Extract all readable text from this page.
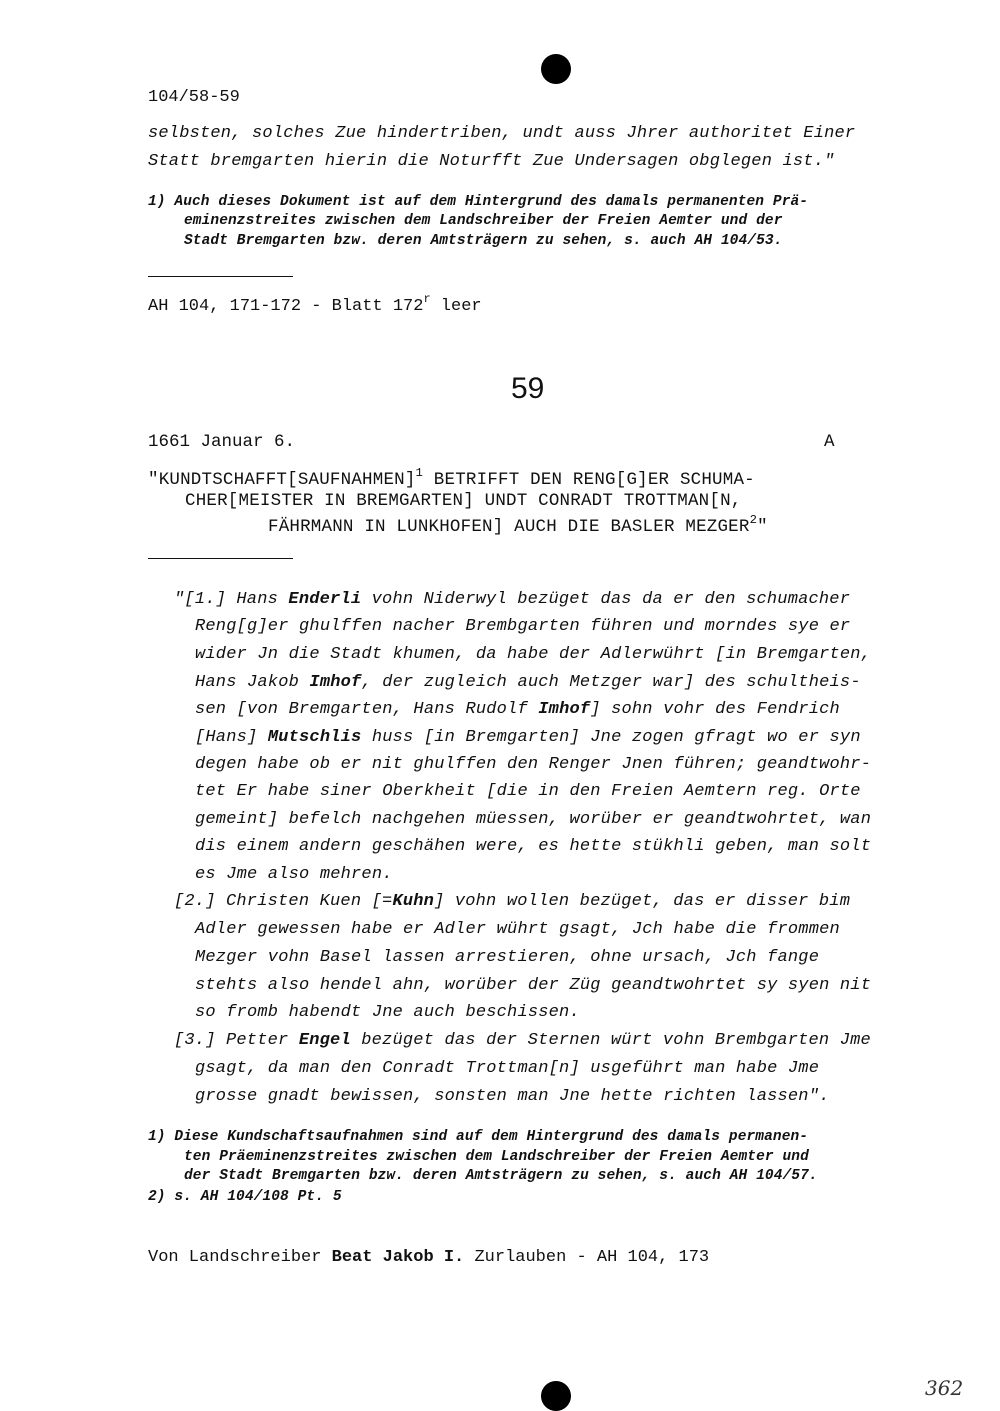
104/58-59
selbsten, solches Zue hindertriben, undt auss Jhrer authoritet Einer
Statt bremgarten hierin die Noturfft Zue Undersagen obglegen ist."
1) Auch dieses Dokument ist auf dem Hintergrund des damals permanenten Prä-
eminenzstreites zwischen dem Landschreiber der Freien Aemter und der
Stadt Bremgarten bzw. deren Amtsträgern zu sehen, s. auch AH 104/53.
AH 104, 171-172 - Blatt 172$^r$ leer
59
1661 Januar 6.	A
"KUNDTSCHAFFT[SAUFNAHMEN]$^1$ BETRIFFT DEN RENG[G]ER SCHUMA-
CHER[MEISTER IN BREMGARTEN] UNDT CONRADT TROTTMAN[N,
FÄHRMANN IN LUNKHOFEN] AUCH DIE BASLER MEZGER$^2$"
"[1.] Hans Enderli vohn Niderwyl bezüget das da er den schumacher
Reng[g]er ghulffen nacher Brembgarten führen und morndes sye er
wider Jn die Stadt khumen, da habe der Adlerwührt [in Bremgarten,
Hans Jakob Imhof, der zugleich auch Metzger war] des schultheis-
sen [von Bremgarten, Hans Rudolf Imhof] sohn vohr des Fendrich
[Hans] Mutschlis huss [in Bremgarten] Jne zogen gfragt wo er syn
degen habe ob er nit ghulffen den Renger Jnen führen; geandtwohr-
tet Er habe siner Oberkheit [die in den Freien Aemtern reg. Orte
gemeint] befelch nachgehen müessen, worüber er geandtwohrtet, wan
dis einem andern geschähen were, es hette stükhli geben, man solt
es Jme also mehren.
[2.] Christen Kuen [=Kuhn] vohn wollen bezüget, das er disser bim
Adler gewessen habe er Adler wührt gsagt, Jch habe die frommen
Mezger vohn Basel lassen arrestieren, ohne ursach, Jch fange
stehts also hendel ahn, worüber der Züg geandtwohrtet sy syen nit
so fromb habendt Jne auch beschissen.
[3.] Petter Engel bezüget das der Sternen würt vohn Brembgarten Jme
gsagt, da man den Conradt Trottman[n] usgeführt man habe Jme
grosse gnadt bewissen, sonsten man Jne hette richten lassen".
1) Diese Kundschaftsaufnahmen sind auf dem Hintergrund des damals permanen-
ten Präeminenzstreites zwischen dem Landschreiber der Freien Aemter und
der Stadt Bremgarten bzw. deren Amtsträgern zu sehen, s. auch AH 104/57.
2) s. AH 104/108 Pt. 5
Von Landschreiber Beat Jakob I. Zurlauben - AH 104, 173
362
